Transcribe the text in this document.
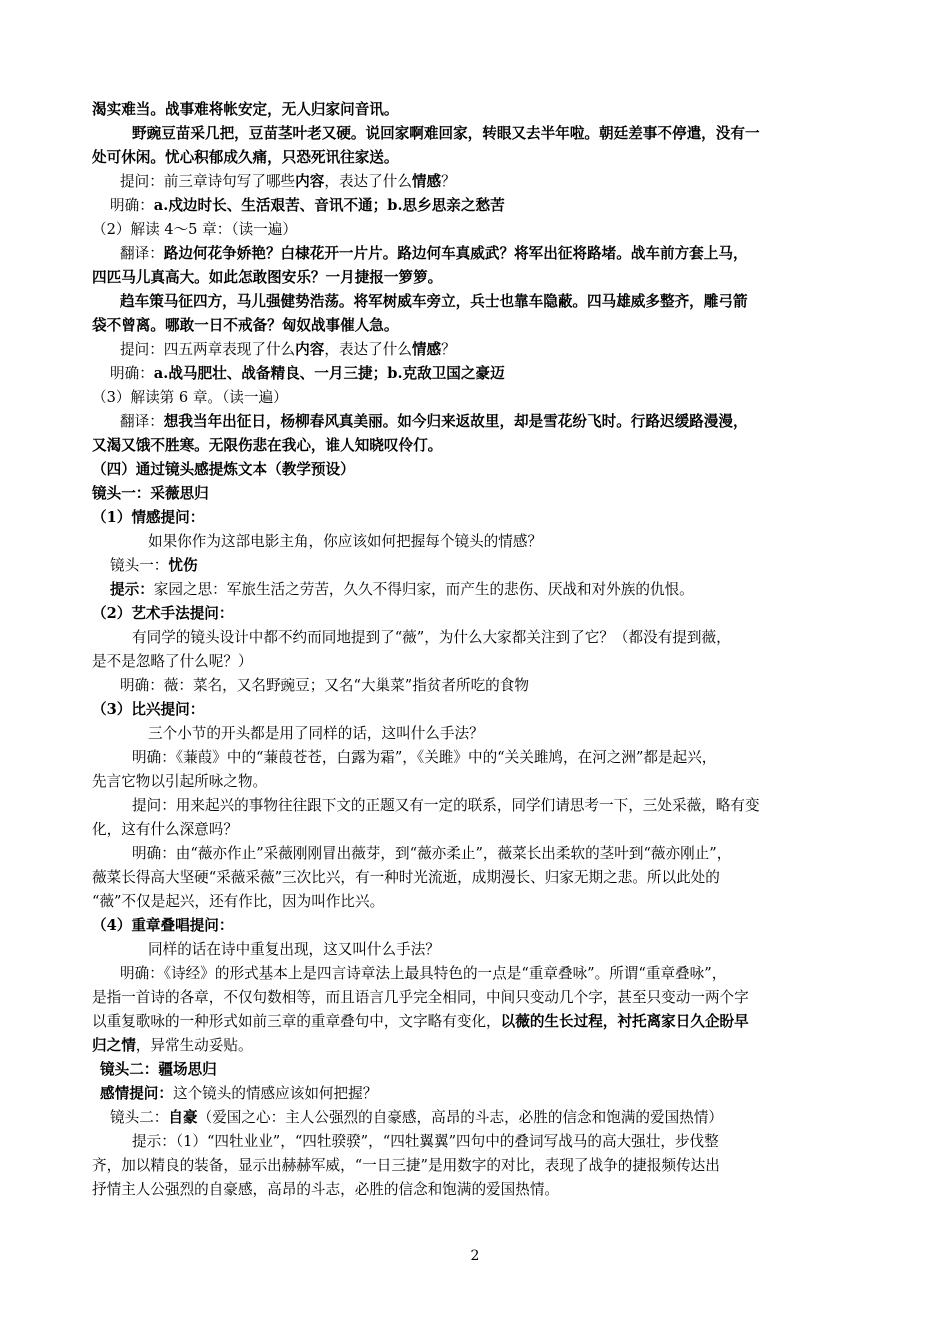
渴实难当。战事难将帐安定，无人归家问音讯。
野豌豆苗采几把，豆苗茎叶老又硬。说回家啊难回家，转眼又去半年啦。朝廷差事不停遣，没有一
处可休闲。忧心积郁成久痛，只恐死讯往家送。
提问：前三章诗句写了哪些内容，表达了什么情感？
明确：a.戍边时长、生活艰苦、音讯不通；b.思乡思亲之愁苦
（2）解读 4～5 章：（读一遍）
翻译：路边何花争娇艳？白棣花开一片片。路边何车真威武？将军出征将路堵。战车前方套上马，
四匹马儿真高大。如此怎敢图安乐？一月捷报一箩箩。
趋车策马征四方，马儿强健势浩荡。将军树威车旁立，兵士也靠车隐蔽。四马雄威多整齐，雕弓箭
袋不曾离。哪敢一日不戒备？匈奴战事催人急。
提问：四五两章表现了什么内容，表达了什么情感？
明确：a.战马肥壮、战备精良、一月三捷；b.克敌卫国之豪迈
（3）解读第 6 章。（读一遍）
翻译：想我当年出征日，杨柳春风真美丽。如今归来返故里，却是雪花纷飞时。行路迟缓路漫漫，
又渴又饿不胜寒。无限伤悲在我心，谁人知晓叹伶仃。
（四）通过镜头感提炼文本（教学预设）
镜头一：采薇思归
（1）情感提问：
如果你作为这部电影主角，你应该如何把握每个镜头的情感？
镜头一：忧伤
提示：家园之思：军旅生活之劳苦，久久不得归家，而产生的悲伤、厌战和对外族的仇恨。
（2）艺术手法提问：
有同学的镜头设计中都不约而同地提到了“薇”，为什么大家都关注到了它？（都没有提到薇，
是不是忽略了什么呢？）
明确：薇：菜名，又名野豌豆；又名“大巢菜”指贫者所吃的食物
（3）比兴提问：
三个小节的开头都是用了同样的话，这叫什么手法？
明确：《蒹葭》中的“蒹葭苍苍，白露为霜”，《关雎》中的“关关雎鸠，在河之洲”都是起兴，
先言它物以引起所咏之物。
提问：用来起兴的事物往往跟下文的正题又有一定的联系，同学们请思考一下，三处采薇，略有变
化，这有什么深意吗？
明确：由“薇亦作止”采薇刚刚冒出薇芽，到“薇亦柔止”，薇菜长出柔软的茎叶到“薇亦刚止”，
薇菜长得高大坚硬“采薇采薇”三次比兴，有一种时光流逝，成期漫长、归家无期之悲。所以此处的
“薇”不仅是起兴，还有作比，因为叫作比兴。
（4）重章叠唱提问：
同样的话在诗中重复出现，这又叫什么手法？
明确：《诗经》的形式基本上是四言诗章法上最具特色的一点是“重章叠咏”。所谓“重章叠咏”，
是指一首诗的各章，不仅句数相等，而且语言几乎完全相同，中间只变动几个字，甚至只变动一两个字
以重复歌咏的一种形式如前三章的重章叠句中，文字略有变化，以薇的生长过程，衬托离家日久企盼早
归之情，异常生动妥贴。
镜头二：疆场思归
感情提问：这个镜头的情感应该如何把握？
镜头二：自豪（爱国之心：主人公强烈的自豪感，高昂的斗志，必胜的信念和饱满的爱国热情）
提示：（1）“四牡业业”，“四牡骙骙”，“四牡翼翼”四句中的叠词写战马的高大强壮，步伐整
齐，加以精良的装备，显示出赫赫军威，“一日三捷”是用数字的对比，表现了战争的捷报频传达出
抒情主人公强烈的自豪感，高昂的斗志，必胜的信念和饱满的爱国热情。
2
